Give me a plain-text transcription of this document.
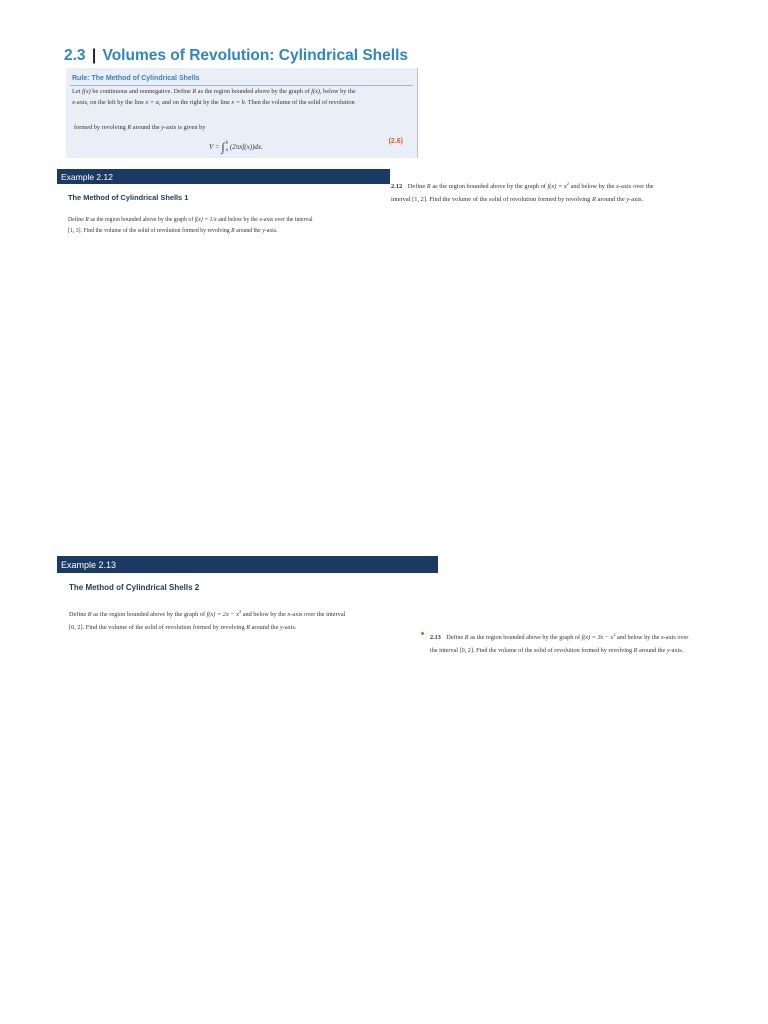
2.3 | Volumes of Revolution: Cylindrical Shells
Rule: The Method of Cylindrical Shells
Let f(x) be continuous and nonnegative. Define R as the region bounded above by the graph of f(x), below by the
x-axis, on the left by the line x = a, and on the right by the line x = b. Then the volume of the solid of revolution
formed by revolving R around the y-axis is given by
V = ∫b
a (2πxf(x))dx.
(2.6)
Example 2.12
The Method of Cylindrical Shells 1
Define R as the region bounded above by the graph of f(x) = 1/x and below by the x-axis over the interval
[1, 3]. Find the volume of the solid of revolution formed by revolving R around the y-axis.
2.12 Define R as the region bounded above by the graph of $f(x) = x^2$ and below by the x-axis over the
interval [1, 2]. Find the volume of the solid of revolution formed by revolving R around the y-axis.
Example 2.13
The Method of Cylindrical Shells 2
Define R as the region bounded above by the graph of $f(x) = 2x - x^2$ and below by the x-axis over the interval
[0, 2]. Find the volume of the solid of revolution formed by revolving R around the y-axis.
2.13 Define R as the region bounded above by the graph of $f(x) = 3x - x^2$ and below by the x-axis over
the interval [0, 2]. Find the volume of the solid of revolution formed by revolving R around the y-axis.
